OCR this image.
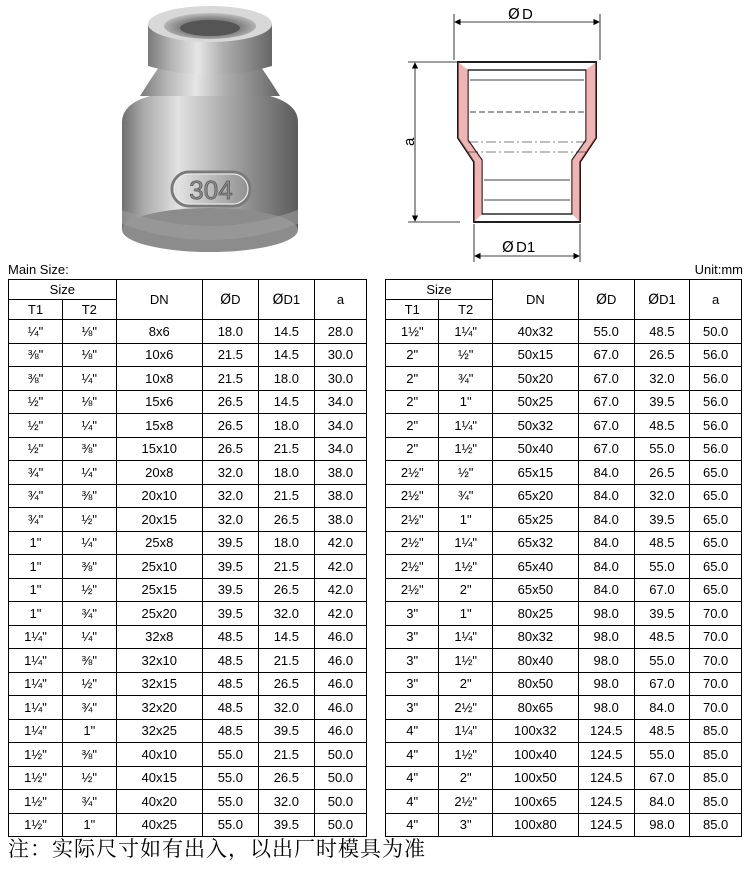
304
Ø D
a
Ø D1
Main Size:	Unit:mm
Size		DN	ØD	ØD1	a
T1	T2				
¼"	⅛"	8x6	18.0	14.5	28.0
⅜"	⅛"	10x6	21.5	14.5	30.0
⅜"	¼"	10x8	21.5	18.0	30.0
½"	⅛"	15x6	26.5	14.5	34.0
½"	¼"	15x8	26.5	18.0	34.0
½"	⅜"	15x10	26.5	21.5	34.0
¾"	¼"	20x8	32.0	18.0	38.0
¾"	⅜"	20x10	32.0	21.5	38.0
¾"	½"	20x15	32.0	26.5	38.0
1"	¼"	25x8	39.5	18.0	42.0
1"	⅜"	25x10	39.5	21.5	42.0
1"	½"	25x15	39.5	26.5	42.0
1"	¾"	25x20	39.5	32.0	42.0
1¼"	¼"	32x8	48.5	14.5	46.0
1¼"	⅜"	32x10	48.5	21.5	46.0
1¼"	½"	32x15	48.5	26.5	46.0
1¼"	¾"	32x20	48.5	32.0	46.0
1¼"	1"	32x25	48.5	39.5	46.0
1½"	⅜"	40x10	55.0	21.5	50.0
1½"	½"	40x15	55.0	26.5	50.0
1½"	¾"	40x20	55.0	32.0	50.0
1½"	1"	40x25	55.0	39.5	50.0
Size		DN	ØD	ØD1	a
T1	T2				
1½"	1¼"	40x32	55.0	48.5	50.0
2"	½"	50x15	67.0	26.5	56.0
2"	¾"	50x20	67.0	32.0	56.0
2"	1"	50x25	67.0	39.5	56.0
2"	1¼"	50x32	67.0	48.5	56.0
2"	1½"	50x40	67.0	55.0	56.0
2½"	½"	65x15	84.0	26.5	65.0
2½"	¾"	65x20	84.0	32.0	65.0
2½"	1"	65x25	84.0	39.5	65.0
2½"	1¼"	65x32	84.0	48.5	65.0
2½"	1½"	65x40	84.0	55.0	65.0
2½"	2"	65x50	84.0	67.0	65.0
3"	1"	80x25	98.0	39.5	70.0
3"	1¼"	80x32	98.0	48.5	70.0
3"	1½"	80x40	98.0	55.0	70.0
3"	2"	80x50	98.0	67.0	70.0
3"	2½"	80x65	98.0	84.0	70.0
4"	1¼"	100x32	124.5	48.5	85.0
4"	1½"	100x40	124.5	55.0	85.0
4"	2"	100x50	124.5	67.0	85.0
4"	2½"	100x65	124.5	84.0	85.0
4"	3"	100x80	124.5	98.0	85.0
注：实际尺寸如有出入，以出厂时模具为准
